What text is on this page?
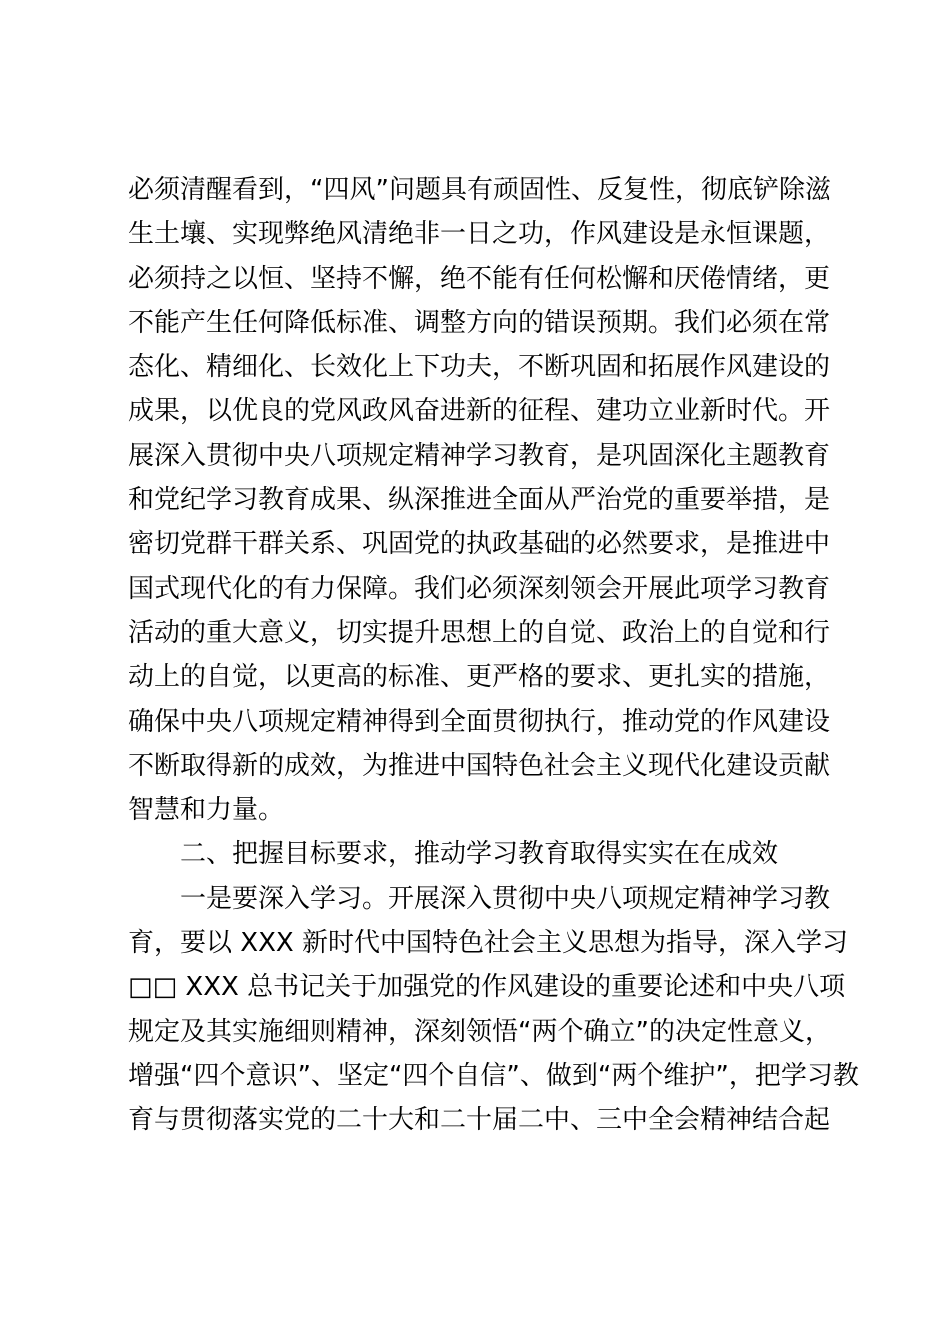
必须清醒看到，“四风”问题具有顽固性、反复性，彻底铲除滋
生土壤、实现弊绝风清绝非一日之功，作风建设是永恒课题，
必须持之以恒、坚持不懈，绝不能有任何松懈和厌倦情绪，更
不能产生任何降低标准、调整方向的错误预期。我们必须在常
态化、精细化、长效化上下功夫，不断巩固和拓展作风建设的
成果，以优良的党风政风奋进新的征程、建功立业新时代。开
展深入贯彻中央八项规定精神学习教育，是巩固深化主题教育
和党纪学习教育成果、纵深推进全面从严治党的重要举措，是
密切党群干群关系、巩固党的执政基础的必然要求，是推进中
国式现代化的有力保障。我们必须深刻领会开展此项学习教育
活动的重大意义，切实提升思想上的自觉、政治上的自觉和行
动上的自觉，以更高的标准、更严格的要求、更扎实的措施，
确保中央八项规定精神得到全面贯彻执行，推动党的作风建设
不断取得新的成效，为推进中国特色社会主义现代化建设贡献
智慧和力量。
二、把握目标要求，推动学习教育取得实实在在成效
一是要深入学习。开展深入贯彻中央八项规定精神学习教
育，要以 XXX 新时代中国特色社会主义思想为指导，深入学习
□□ XXX 总书记关于加强党的作风建设的重要论述和中央八项
规定及其实施细则精神，深刻领悟“两个确立”的决定性意义，
增强“四个意识”、坚定“四个自信”、做到“两个维护”，把学习教
育与贯彻落实党的二十大和二十届二中、三中全会精神结合起
